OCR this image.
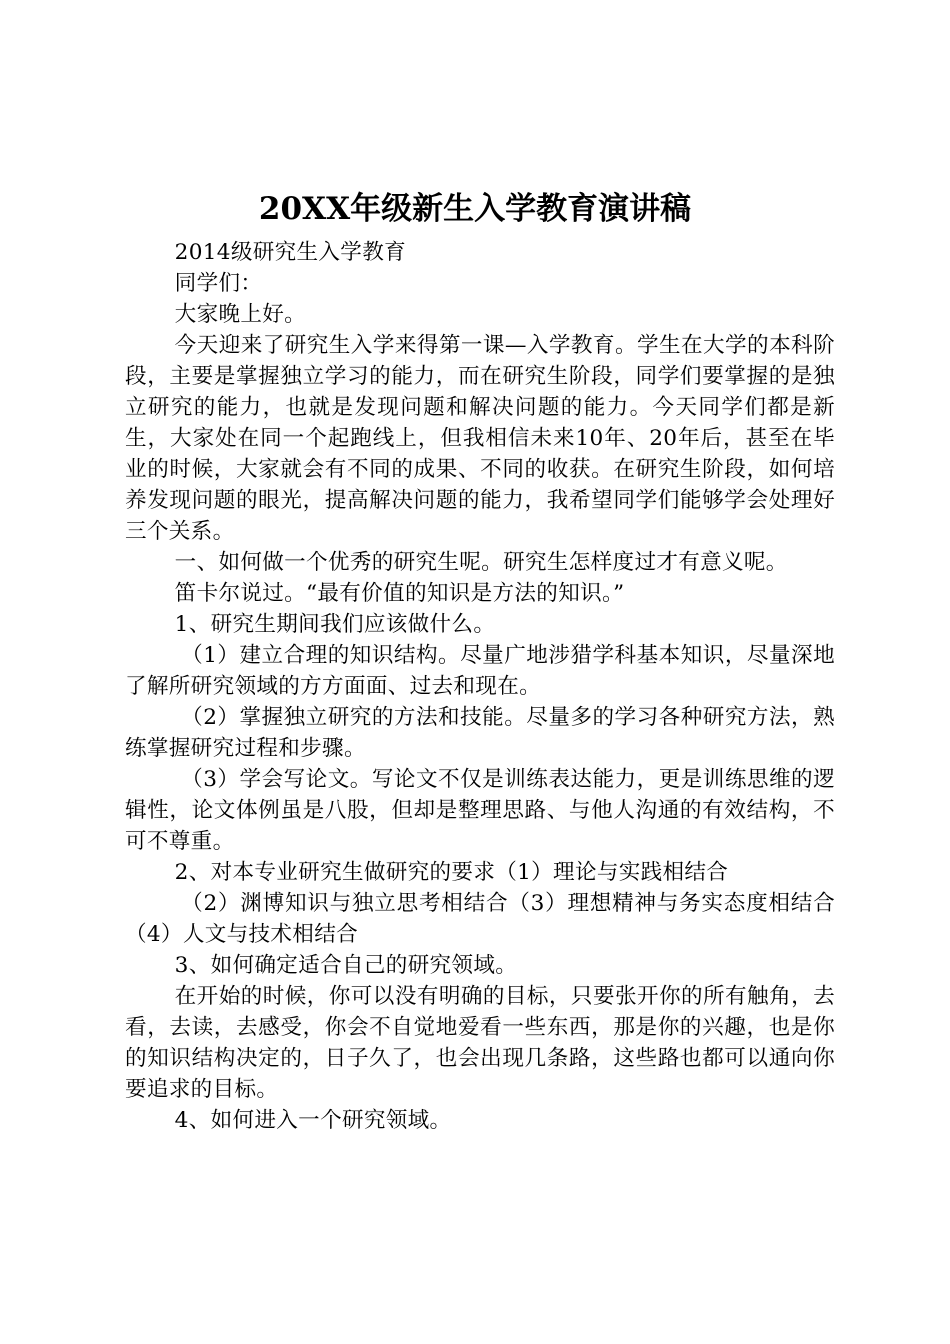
20XX年级新生入学教育演讲稿

2014级研究生入学教育

同学们：

大家晚上好。

今天迎来了研究生入学来得第一课—入学教育。学生在大学的本科阶段，主要是掌握独立学习的能力，而在研究生阶段，同学们要掌握的是独立研究的能力，也就是发现问题和解决问题的能力。今天同学们都是新生，大家处在同一个起跑线上，但我相信未来10年、20年后，甚至在毕业的时候，大家就会有不同的成果、不同的收获。在研究生阶段，如何培养发现问题的眼光，提高解决问题的能力，我希望同学们能够学会处理好三个关系。

一、如何做一个优秀的研究生呢。研究生怎样度过才有意义呢。

笛卡尔说过。“最有价值的知识是方法的知识。”

1、研究生期间我们应该做什么。

（1）建立合理的知识结构。尽量广地涉猎学科基本知识，尽量深地了解所研究领域的方方面面、过去和现在。

（2）掌握独立研究的方法和技能。尽量多的学习各种研究方法，熟练掌握研究过程和步骤。

（3）学会写论文。写论文不仅是训练表达能力，更是训练思维的逻辑性，论文体例虽是八股，但却是整理思路、与他人沟通的有效结构，不可不尊重。

2、对本专业研究生做研究的要求（1）理论与实践相结合

（2）渊博知识与独立思考相结合（3）理想精神与务实态度相结合（4）人文与技术相结合

3、如何确定适合自己的研究领域。

在开始的时候，你可以没有明确的目标，只要张开你的所有触角，去看，去读，去感受，你会不自觉地爱看一些东西，那是你的兴趣，也是你的知识结构决定的，日子久了，也会出现几条路，这些路也都可以通向你要追求的目标。

4、如何进入一个研究领域。
